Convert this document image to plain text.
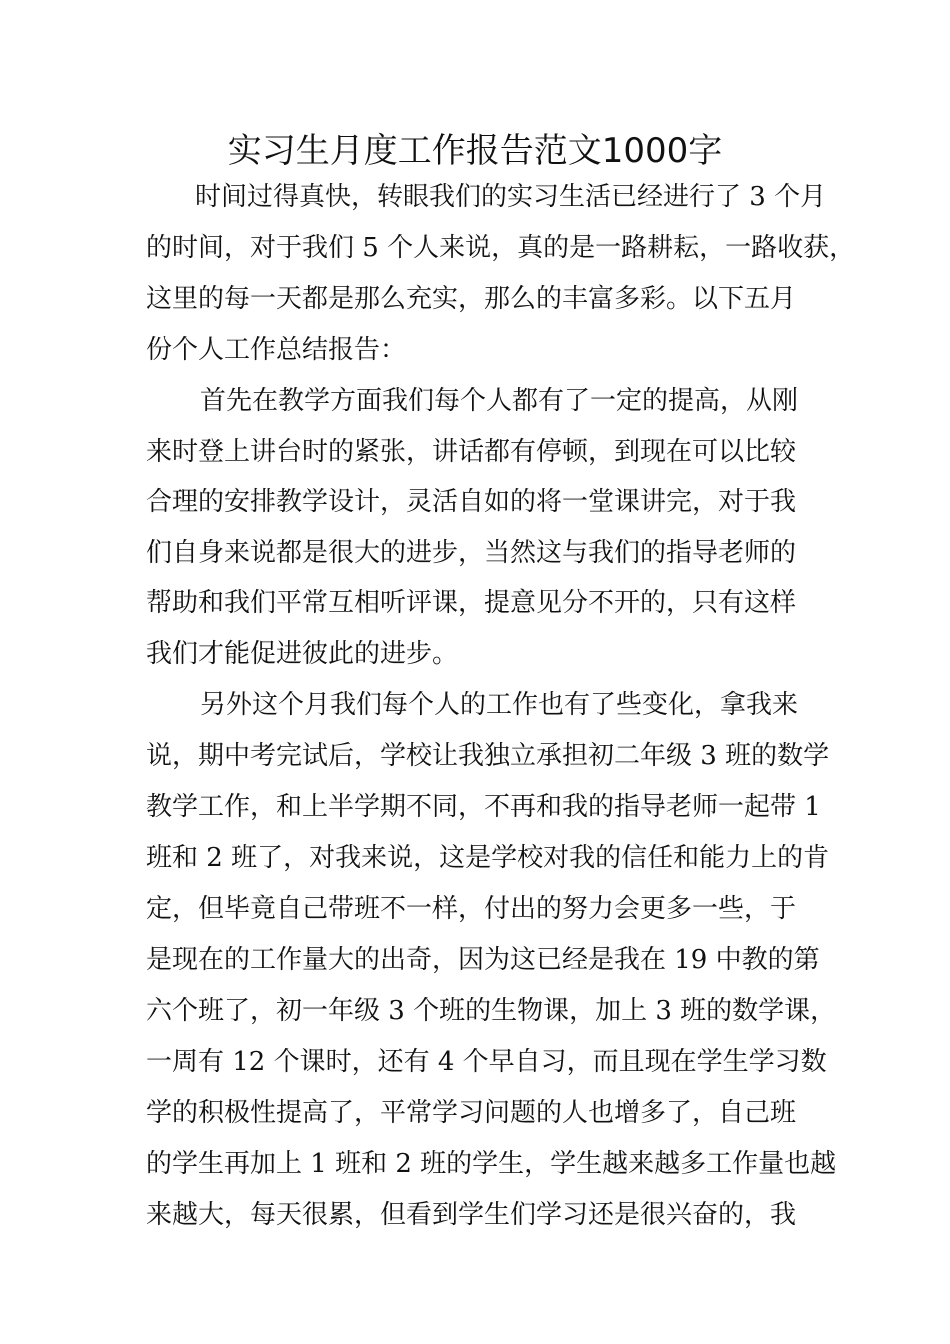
实习生月度工作报告范文1000字
时间过得真快，转眼我们的实习生活已经进行了 3 个月
的时间，对于我们 5 个人来说，真的是一路耕耘，一路收获，
这里的每一天都是那么充实，那么的丰富多彩。以下五月
份个人工作总结报告：
首先在教学方面我们每个人都有了一定的提高，从刚
来时登上讲台时的紧张，讲话都有停顿，到现在可以比较
合理的安排教学设计，灵活自如的将一堂课讲完，对于我
们自身来说都是很大的进步，当然这与我们的指导老师的
帮助和我们平常互相听评课，提意见分不开的，只有这样
我们才能促进彼此的进步。
另外这个月我们每个人的工作也有了些变化，拿我来
说，期中考完试后，学校让我独立承担初二年级 3 班的数学
教学工作，和上半学期不同，不再和我的指导老师一起带 1
班和 2 班了，对我来说，这是学校对我的信任和能力上的肯
定，但毕竟自己带班不一样，付出的努力会更多一些，于
是现在的工作量大的出奇，因为这已经是我在 19 中教的第
六个班了，初一年级 3 个班的生物课，加上 3 班的数学课，
一周有 12 个课时，还有 4 个早自习，而且现在学生学习数
学的积极性提高了，平常学习问题的人也增多了，自己班
的学生再加上 1 班和 2 班的学生，学生越来越多工作量也越
来越大，每天很累，但看到学生们学习还是很兴奋的，我
